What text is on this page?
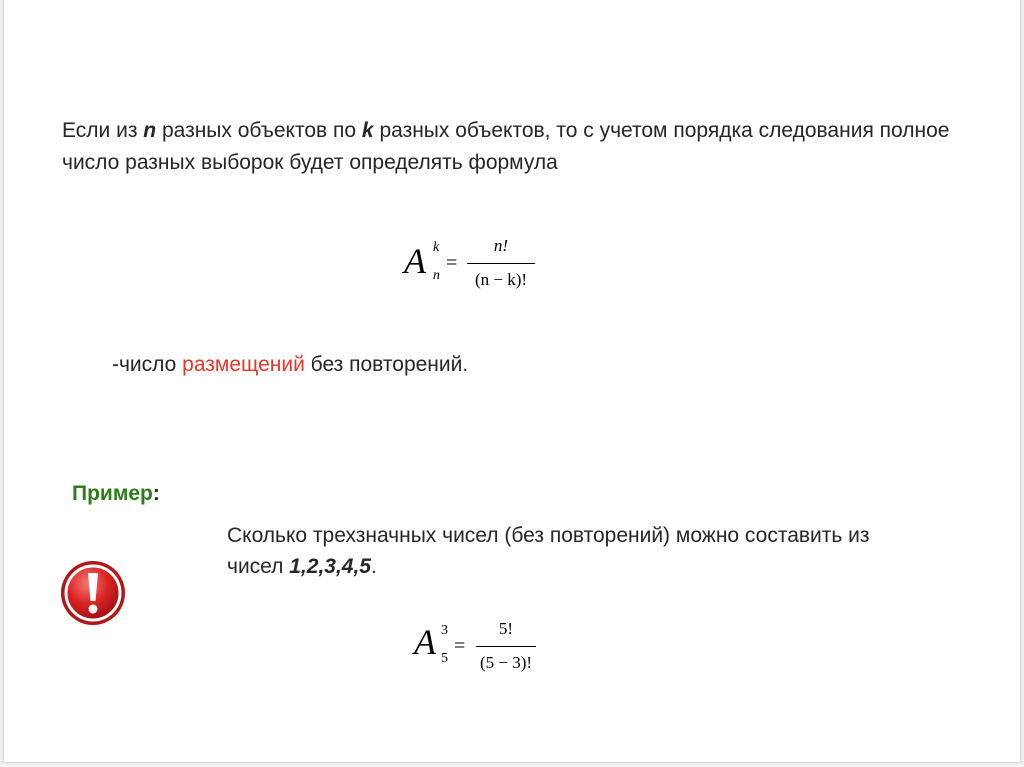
Если из n разных объектов по k разных объектов, то с учетом порядка следования полное число разных выборок будет определять формула
A k
n
=
n!
(n − k)!
-число размещений без повторений.
Пример:
Сколько трехзначных чисел (без повторений) можно составить из чисел 1,2,3,4,5.
A 3
5
=
5!
(5 − 3)!
